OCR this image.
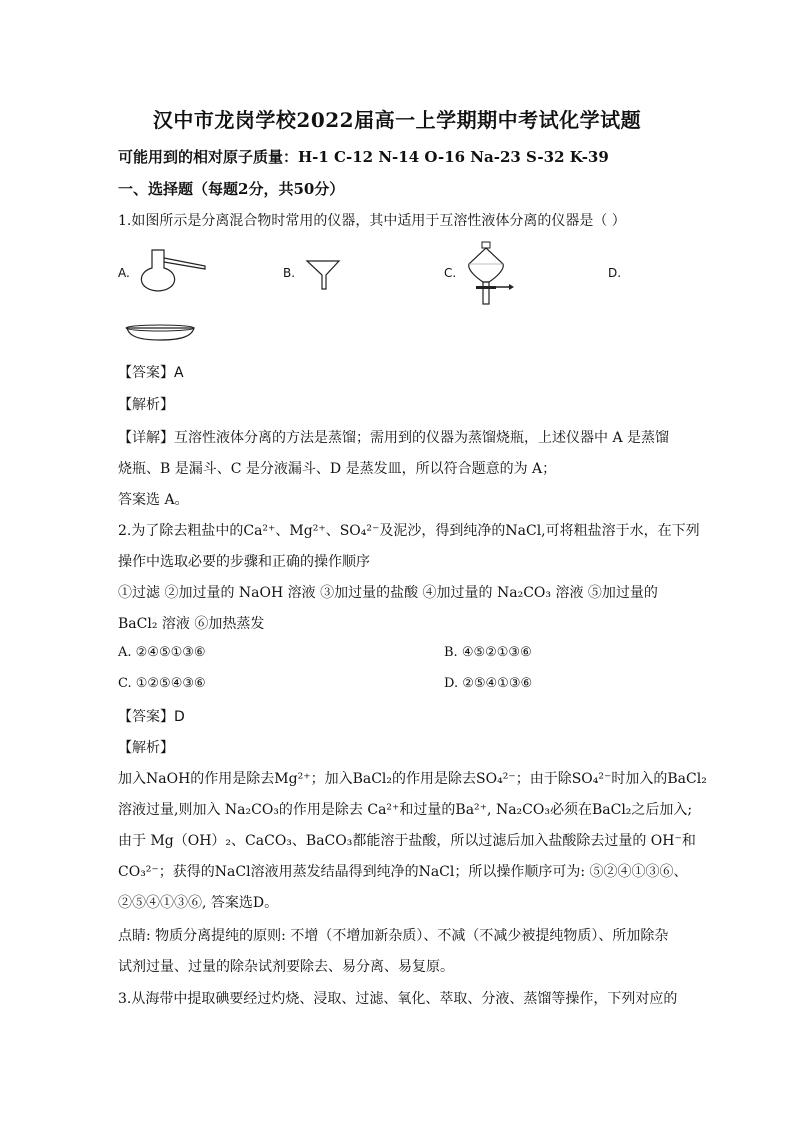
汉中市龙岗学校2022届高一上学期期中考试化学试题
可能用到的相对原子质量：H-1 C-12 N-14 O-16 Na-23 S-32 K-39
一、选择题（每题2分，共50分）
1.如图所示是分离混合物时常用的仪器，其中适用于互溶性液体分离的仪器是（ ）
A.	B.	C.	D.
【答案】A
【解析】
【详解】互溶性液体分离的方法是蒸馏；需用到的仪器为蒸馏烧瓶，上述仪器中 A 是蒸馏
烧瓶、B 是漏斗、C 是分液漏斗、D 是蒸发皿，所以符合题意的为 A；
答案选 A。
2.为了除去粗盐中的Ca²⁺、Mg²⁺、SO₄²⁻及泥沙，得到纯净的NaCl,可将粗盐溶于水，在下列
操作中选取必要的步骤和正确的操作顺序
①过滤 ②加过量的 NaOH 溶液 ③加过量的盐酸 ④加过量的 Na₂CO₃ 溶液 ⑤加过量的
BaCl₂ 溶液 ⑥加热蒸发
A. ②④⑤①③⑥	B. ④⑤②①③⑥
C. ①②⑤④③⑥	D. ②⑤④①③⑥
【答案】D
【解析】
加入NaOH的作用是除去Mg²⁺；加入BaCl₂的作用是除去SO₄²⁻；由于除SO₄²⁻时加入的BaCl₂
溶液过量,则加入 Na₂CO₃的作用是除去 Ca²⁺和过量的Ba²⁺, Na₂CO₃必须在BaCl₂之后加入;
由于 Mg（OH）₂、CaCO₃、BaCO₃都能溶于盐酸，所以过滤后加入盐酸除去过量的 OH⁻和
CO₃²⁻；获得的NaCl溶液用蒸发结晶得到纯净的NaCl；所以操作顺序可为: ⑤②④①③⑥、
②⑤④①③⑥, 答案选D。
点睛: 物质分离提纯的原则: 不增（不增加新杂质）、不减（不减少被提纯物质）、所加除杂
试剂过量、过量的除杂试剂要除去、易分离、易复原。
3.从海带中提取碘要经过灼烧、浸取、过滤、氧化、萃取、分液、蒸馏等操作，下列对应的
